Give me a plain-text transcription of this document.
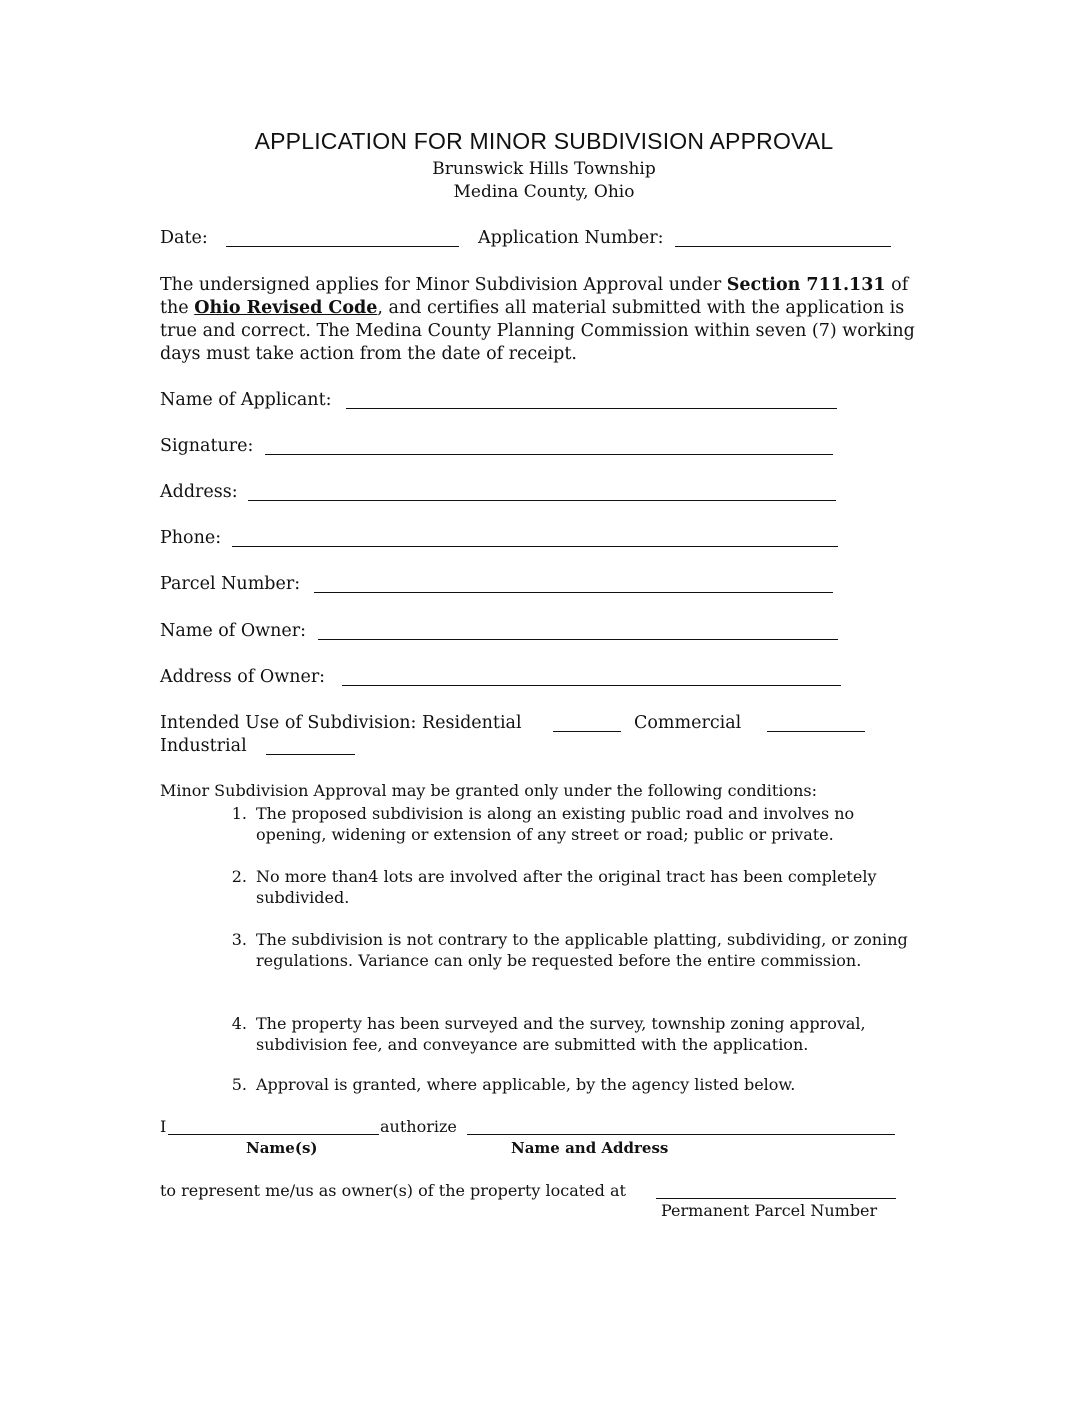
APPLICATION FOR MINOR SUBDIVISION APPROVAL
Brunswick Hills Township
Medina County, Ohio
Date:	Application Number:
The undersigned applies for Minor Subdivision Approval under Section 711.131 of the Ohio Revised Code, and certifies all material submitted with the application is true and correct. The Medina County Planning Commission within seven (7) working days must take action from the date of receipt.
Name of Applicant:
Signature:
Address:
Phone:
Parcel Number:
Name of Owner:
Address of Owner:
Intended Use of Subdivision: Residential	Commercial
Industrial
Minor Subdivision Approval may be granted only under the following conditions:
1. The proposed subdivision is along an existing public road and involves no opening, widening or extension of any street or road; public or private.
2. No more than4 lots are involved after the original tract has been completely subdivided.
3. The subdivision is not contrary to the applicable platting, subdividing, or zoning regulations. Variance can only be requested before the entire commission.
4. The property has been surveyed and the survey, township zoning approval, subdivision fee, and conveyance are submitted with the application.
5. Approval is granted, where applicable, by the agency listed below.
I	authorize
Name(s)	Name and Address
to represent me/us as owner(s) of the property located at
Permanent Parcel Number
